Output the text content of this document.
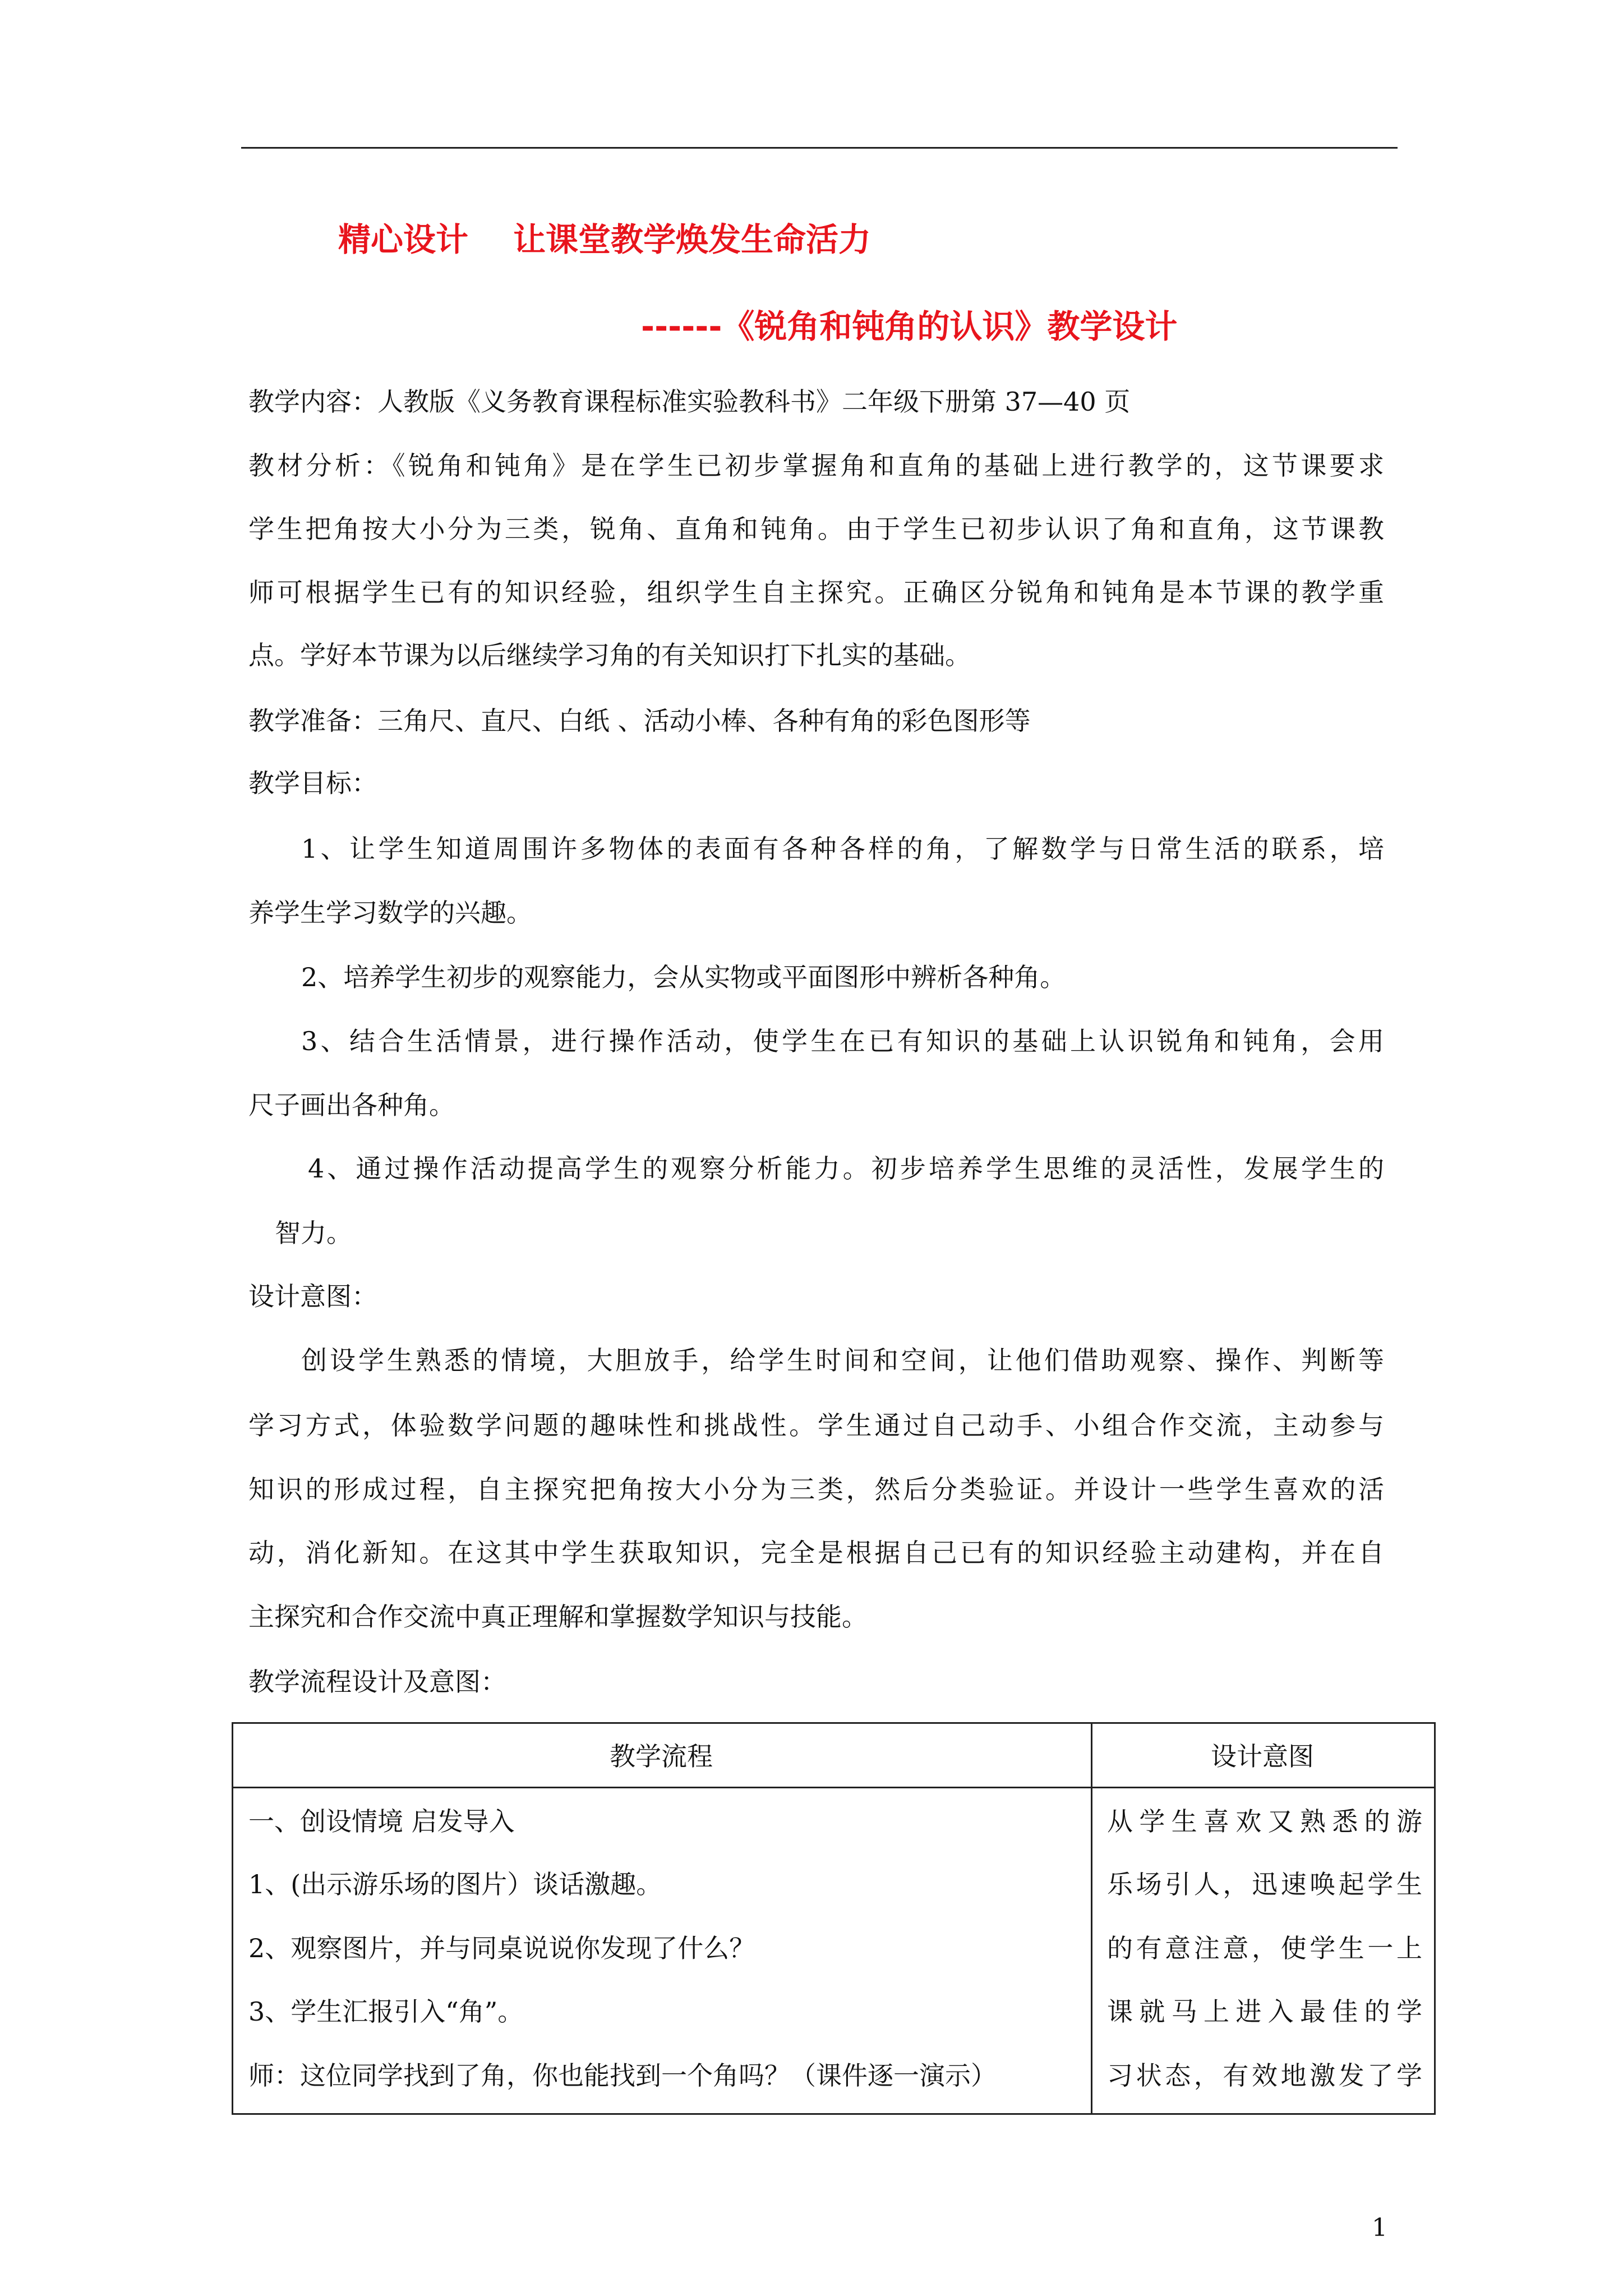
精心设计 让课堂教学焕发生命活力
------《锐角和钝角的认识》教学设计
教学内容：人教版《义务教育课程标准实验教科书》二年级下册第 37—40 页
教材分析：《锐角和钝角》是在学生已初步掌握角和直角的基础上进行教学的，这节课要求
学生把角按大小分为三类，锐角、直角和钝角。由于学生已初步认识了角和直角，这节课教
师可根据学生已有的知识经验，组织学生自主探究。正确区分锐角和钝角是本节课的教学重
点。学好本节课为以后继续学习角的有关知识打下扎实的基础。
教学准备：三角尺、直尺、白纸 、活动小棒、各种有角的彩色图形等
教学目标：
1、让学生知道周围许多物体的表面有各种各样的角，了解数学与日常生活的联系，培
养学生学习数学的兴趣。
2、培养学生初步的观察能力，会从实物或平面图形中辨析各种角。
3、结合生活情景，进行操作活动，使学生在已有知识的基础上认识锐角和钝角，会用
尺子画出各种角。
4、通过操作活动提高学生的观察分析能力。初步培养学生思维的灵活性，发展学生的
智力。
设计意图：
创设学生熟悉的情境，大胆放手，给学生时间和空间，让他们借助观察、操作、判断等
学习方式，体验数学问题的趣味性和挑战性。学生通过自己动手、小组合作交流，主动参与
知识的形成过程，自主探究把角按大小分为三类，然后分类验证。并设计一些学生喜欢的活
动，消化新知。在这其中学生获取知识，完全是根据自己已有的知识经验主动建构，并在自
主探究和合作交流中真正理解和掌握数学知识与技能。
教学流程设计及意图：
教学流程	设计意图
一、创设情境 启发导入
1、(出示游乐场的图片）谈话激趣。
2、观察图片，并与同桌说说你发现了什么？
3、学生汇报引入“角”。
师：这位同学找到了角，你也能找到一个角吗？（课件逐一演示）
从学生喜欢又熟悉的游
乐场引人，迅速唤起学生
的有意注意，使学生一上
课就马上进入最佳的学
习状态，有效地激发了学
1
